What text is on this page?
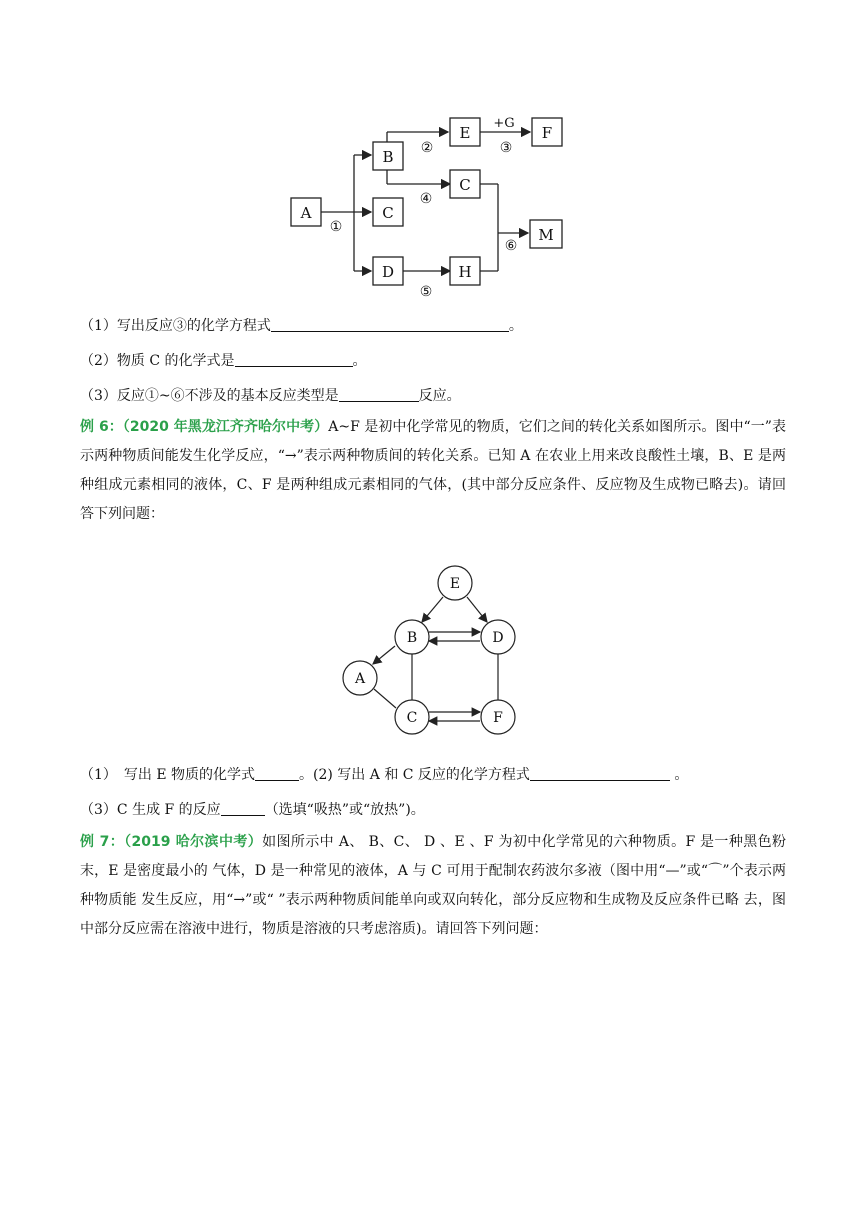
A
B
C
D
E
C
H
F
M
①
②	③
④
⑤
⑥
+G
（1）写出反应③的化学方程式	。
（2）物质 C 的化学式是	。
（3）反应①~⑥不涉及的基本反应类型是	反应。
例 6：（2020 年黑龙江齐齐哈尔中考）A~F 是初中化学常见的物质，它们之间的转化关系如图所示。图中“一”表示两种物质间能发生化学反应，“→”表示两种物质间的转化关系。已知 A 在农业上用来改良酸性土壤，B、E 是两种组成元素相同的液体，C、F 是两种组成元素相同的气体，(其中部分反应条件、反应物及生成物已略去)。请回答下列问题：
E
B	D
A
C	F
（1）　写出 E 物质的化学式	。(2) 写出 A 和 C 反应的化学方程式	。
（3）C 生成 F 的反应	（选填“吸热”或“放热”)。
例 7：（2019 哈尔滨中考）如图所示中 A、 B、C、 D 、E 、F 为初中化学常见的六种物质。F 是一种黑色粉末，E 是密度最小的 气体，D 是一种常见的液体，A 与 C 可用于配制农药波尔多液（图中用“—”或“⌒”个表示两种物质能 发生反应，用“→”或“ ”表示两种物质间能单向或双向转化，部分反应物和生成物及反应条件已略 去，图中部分反应需在溶液中进行，物质是溶液的只考虑溶质)。请回答下列问题：
